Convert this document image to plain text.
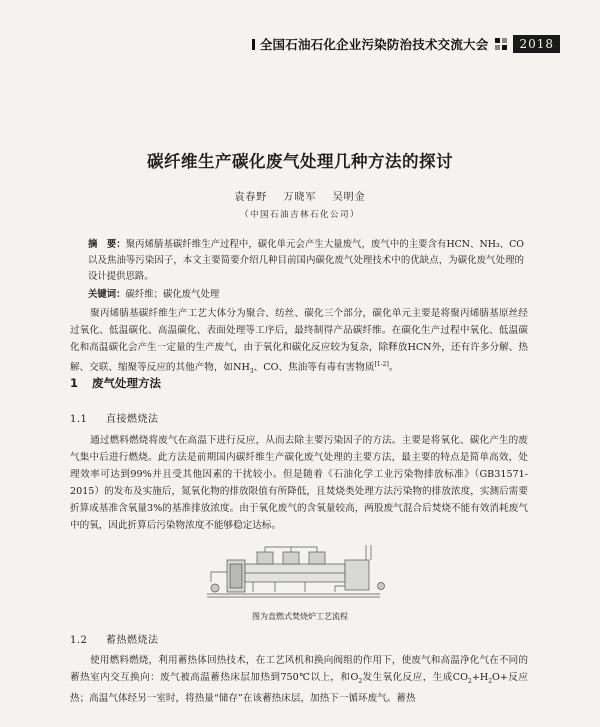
全国石油石化企业污染防治技术交流大会	2018
碳纤维生产碳化废气处理几种方法的探讨
袁春野 万晓军 吴明金
（中国石油吉林石化公司）
摘　要：聚丙烯腈基碳纤维生产过程中，碳化单元会产生大量废气，废气中的主要含有HCN、NH₃、CO以及焦油等污染因子，本文主要简要介绍几种目前国内碳化废气处理技术中的优缺点，为碳化废气处理的设计提供思路。
关键词：碳纤维；碳化废气处理
聚丙烯腈基碳纤维生产工艺大体分为聚合、纺丝、碳化三个部分，碳化单元主要是将聚丙烯腈基原丝经过氧化、低温碳化、高温碳化、表面处理等工序后，最终制得产品碳纤维。在碳化生产过程中氧化、低温碳化和高温碳化会产生一定量的生产废气，由于氧化和碳化反应较为复杂，除释放HCN外，还有许多分解、热解、交联、缩聚等反应的其他产物，如$NH_3$、CO、焦油等有毒有害物质[1-2]。
1 废气处理方法
1.1 直接燃烧法
通过燃料燃烧将废气在高温下进行反应，从而去除主要污染因子的方法。主要是将氧化、碳化产生的废气集中后进行燃烧。此方法是前期国内碳纤维生产碳化废气处理的主要方法，最主要的特点是简单高效，处理效率可达到99%并且受其他因素的干扰较小。但是随着《石油化学工业污染物排放标准》（GB31571-2015）的发布及实施后，氮氧化物的排放限值有所降低，且焚烧类处理方法污染物的排放浓度，实测后需要折算成基准含氧量3%的基准排放浓度。由于氧化废气的含氧量较高，两股废气混合后焚烧不能有效消耗废气中的氧，因此折算后污染物浓度不能够稳定达标。
图为直燃式焚烧炉工艺流程
1.2 蓄热燃烧法
使用燃料燃烧，利用蓄热体回热技术，在工艺风机和换向阀组的作用下，使废气和高温净化气在不同的蓄热室内交互换向：废气被高温蓄热床层加热到750℃以上，和$O_2$发生氧化反应，生成$CO_2+H_2O+$反应热；高温气体经另一室时，将热量“储存”在该蓄热床层，加热下一循环废气。蓄热
